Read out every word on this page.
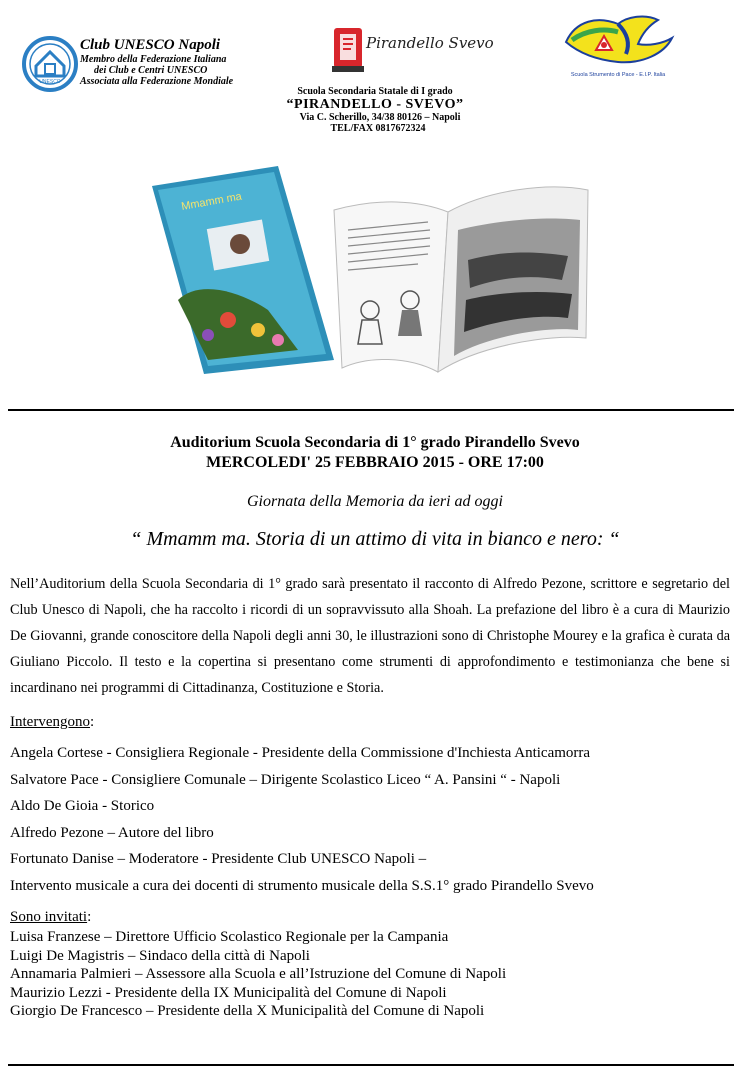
UNESCO
Club UNESCO Napoli
Membro della Federazione Italiana
dei Club e Centri UNESCO
Associata alla Federazione Mondiale
Pirandello Svevo
Scuola Secondaria Statale di I grado
“PIRANDELLO - SVEVO”
Via C. Scherillo, 34/38 80126 – Napoli
TEL/FAX 0817672324
Scuola Strumento di Pace - E.I.P. Italia
Mmamm ma
Auditorium Scuola Secondaria di 1° grado Pirandello Svevo
MERCOLEDI' 25 FEBBRAIO 2015 - ORE 17:00
Giornata della Memoria da ieri ad oggi
“ Mmamm ma. Storia di un attimo di vita in bianco e nero: “
Nell’Auditorium della Scuola Secondaria di 1° grado sarà presentato il racconto di Alfredo Pezone, scrittore e segretario del Club Unesco di Napoli, che ha raccolto i ricordi di un sopravvissuto alla Shoah. La prefazione del libro è a cura di Maurizio De Giovanni, grande conoscitore della Napoli degli anni 30, le illustrazioni sono di Christophe Mourey e la grafica è curata da Giuliano Piccolo. Il testo e la copertina si presentano come strumenti di approfondimento e testimonianza che bene si incardinano nei programmi di Cittadinanza, Costituzione e Storia.
Intervengono:
Angela Cortese - Consigliera Regionale - Presidente della Commissione d'Inchiesta Anticamorra
Salvatore Pace - Consigliere Comunale – Dirigente Scolastico Liceo “ A. Pansini “ - Napoli
Aldo De Gioia - Storico
Alfredo Pezone – Autore del libro
Fortunato Danise – Moderatore - Presidente Club UNESCO Napoli –
Intervento musicale a cura dei docenti di strumento musicale della S.S.1° grado Pirandello Svevo
Sono invitati:
Luisa Franzese – Direttore Ufficio Scolastico Regionale per la Campania
Luigi De Magistris – Sindaco della città di Napoli
Annamaria Palmieri – Assessore alla Scuola e all’Istruzione del Comune di Napoli
Maurizio Lezzi - Presidente della IX Municipalità del Comune di Napoli
Giorgio De Francesco – Presidente della X Municipalità del Comune di Napoli
